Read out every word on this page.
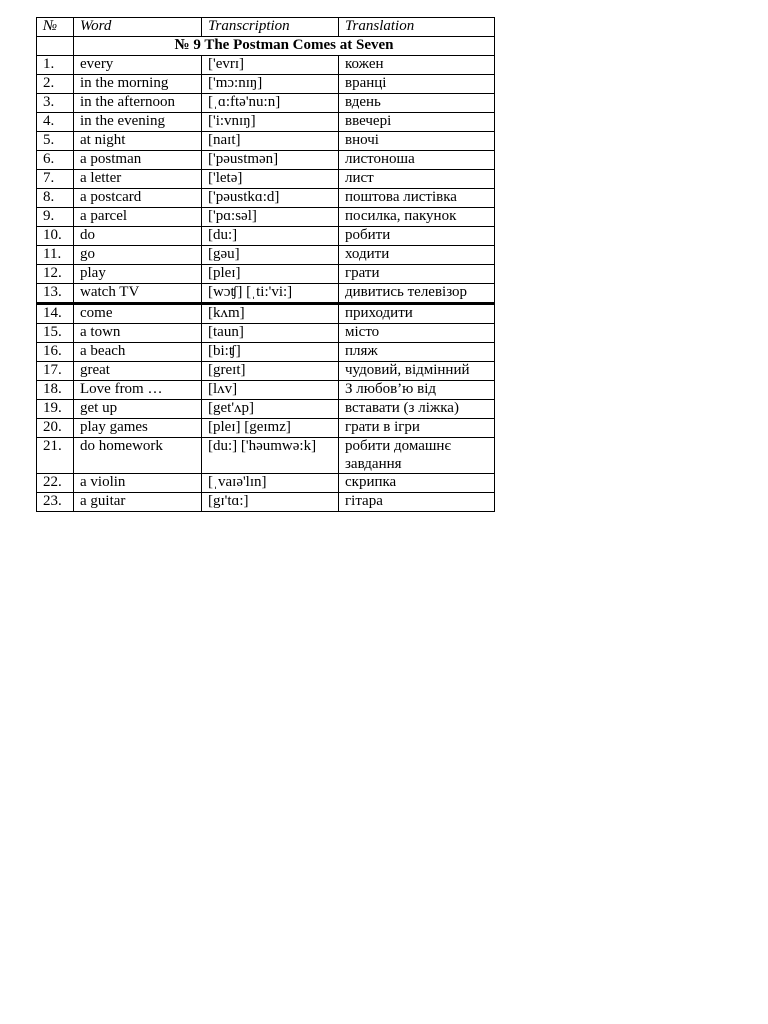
№	Word	Transcription	Translation
	№ 9 The Postman Comes at Seven		
1.	every	['evrɪ]	кожен
2.	in the morning	['mɔ:nɪŋ]	вранці
3.	in the afternoon	[ˌɑ:ftə'nu:n]	вдень
4.	in the evening	['i:vnɪŋ]	ввечері
5.	at night	[naɪt]	вночі
6.	a postman	['pəustmən]	листоноша
7.	a letter	['letə]	лист
8.	a postcard	['pəustkɑ:d]	поштова листівка
9.	a parcel	['pɑ:səl]	посилка, пакунок
10.	do	[du:]	робити
11.	go	[gəu]	ходити
12.	play	[pleɪ]	грати
13.	watch TV	[wɔʧ] [ˌti:'vi:]	дивитись телевізор
14.	come	[kʌm]	приходити
15.	a town	[taun]	місто
16.	a beach	[bi:ʧ]	пляж
17.	great	[greɪt]	чудовий, відмінний
18.	Love from …	[lʌv]	З любов’ю від
19.	get up	[get'ʌp]	вставати (з ліжка)
20.	play games	[pleɪ] [geɪmz]	грати в ігри
21.	do homework	[du:] ['həumwə:k]	робити домашнє завдання
22.	a violin	[ˌvaɪə'lɪn]	скрипка
23.	a guitar	[gɪ'tɑ:]	гітара
